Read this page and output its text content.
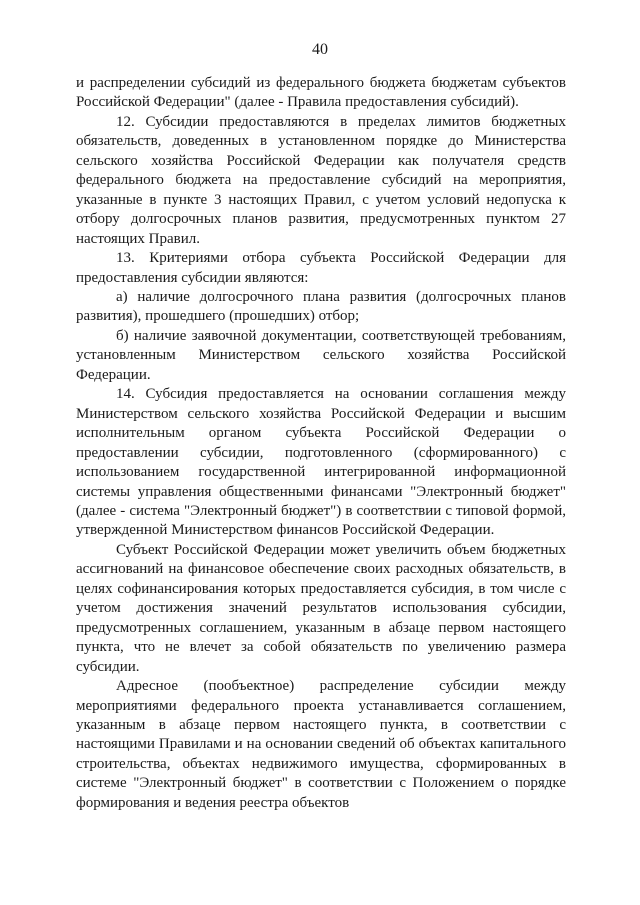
40

и распределении субсидий из федерального бюджета бюджетам субъектов Российской Федерации" (далее - Правила предоставления субсидий).

12. Субсидии предоставляются в пределах лимитов бюджетных обязательств, доведенных в установленном порядке до Министерства сельского хозяйства Российской Федерации как получателя средств федерального бюджета на предоставление субсидий на мероприятия, указанные в пункте 3 настоящих Правил, с учетом условий недопуска к отбору долгосрочных планов развития, предусмотренных пунктом 27 настоящих Правил.

13. Критериями отбора субъекта Российской Федерации для предоставления субсидии являются:

а) наличие долгосрочного плана развития (долгосрочных планов развития), прошедшего (прошедших) отбор;

б) наличие заявочной документации, соответствующей требованиям, установленным Министерством сельского хозяйства Российской Федерации.

14. Субсидия предоставляется на основании соглашения между Министерством сельского хозяйства Российской Федерации и высшим исполнительным органом субъекта Российской Федерации о предоставлении субсидии, подготовленного (сформированного) с использованием государственной интегрированной информационной системы управления общественными финансами "Электронный бюджет" (далее - система "Электронный бюджет") в соответствии с типовой формой, утвержденной Министерством финансов Российской Федерации.

Субъект Российской Федерации может увеличить объем бюджетных ассигнований на финансовое обеспечение своих расходных обязательств, в целях софинансирования которых предоставляется субсидия, в том числе с учетом достижения значений результатов использования субсидии, предусмотренных соглашением, указанным в абзаце первом настоящего пункта, что не влечет за собой обязательств по увеличению размера субсидии.

Адресное (пообъектное) распределение субсидии между мероприятиями федерального проекта устанавливается соглашением, указанным в абзаце первом настоящего пункта, в соответствии с настоящими Правилами и на основании сведений об объектах капитального строительства, объектах недвижимого имущества, сформированных в системе "Электронный бюджет" в соответствии с Положением о порядке формирования и ведения реестра объектов
